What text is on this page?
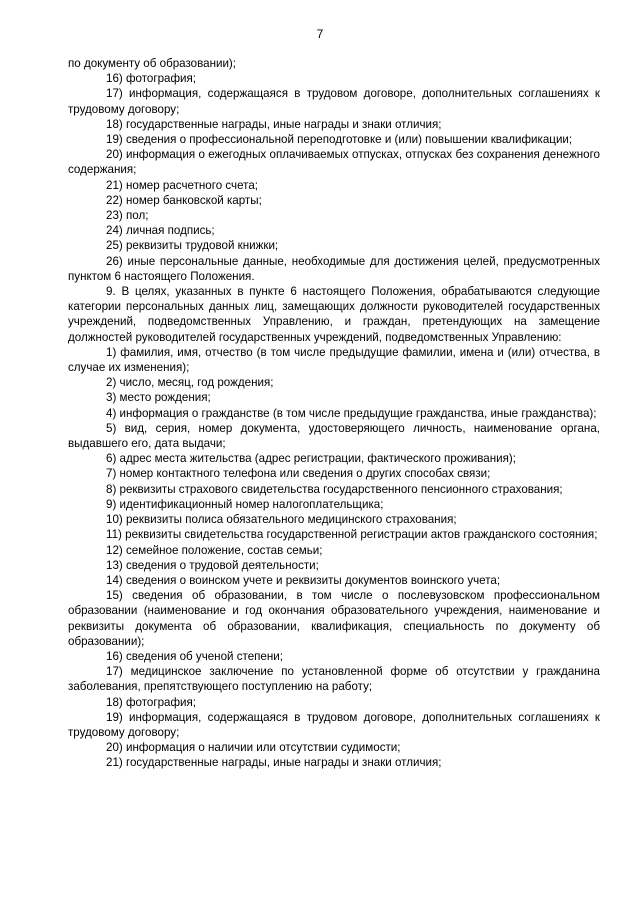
7

по документу об образовании);

16) фотография;

17) информация, содержащаяся в трудовом договоре, дополнительных соглашениях к трудовому договору;

18) государственные награды, иные награды и знаки отличия;

19) сведения о профессиональной переподготовке и (или) повышении квалификации;

20) информация о ежегодных оплачиваемых отпусках, отпусках без сохранения денежного содержания;

21) номер расчетного счета;

22) номер банковской карты;

23) пол;

24) личная подпись;

25) реквизиты трудовой книжки;

26) иные персональные данные, необходимые для достижения целей, предусмотренных пунктом 6 настоящего Положения.

9. В целях, указанных в пункте 6 настоящего Положения, обрабатываются следующие категории персональных данных лиц, замещающих должности руководителей государственных учреждений, подведомственных Управлению, и граждан, претендующих на замещение должностей руководителей государственных учреждений, подведомственных Управлению:

1) фамилия, имя, отчество (в том числе предыдущие фамилии, имена и (или) отчества, в случае их изменения);

2) число, месяц, год рождения;

3) место рождения;

4) информация о гражданстве (в том числе предыдущие гражданства, иные гражданства);

5) вид, серия, номер документа, удостоверяющего личность, наименование органа, выдавшего его, дата выдачи;

6) адрес места жительства (адрес регистрации, фактического проживания);

7) номер контактного телефона или сведения о других способах связи;

8) реквизиты страхового свидетельства государственного пенсионного страхования;

9) идентификационный номер налогоплательщика;

10) реквизиты полиса обязательного медицинского страхования;

11) реквизиты свидетельства государственной регистрации актов гражданского состояния;

12) семейное положение, состав семьи;

13) сведения о трудовой деятельности;

14) сведения о воинском учете и реквизиты документов воинского учета;

15) сведения об образовании, в том числе о послевузовском профессиональном образовании (наименование и год окончания образовательного учреждения, наименование и реквизиты документа об образовании, квалификация, специальность по документу об образовании);

16) сведения об ученой степени;

17) медицинское заключение по установленной форме об отсутствии у гражданина заболевания, препятствующего поступлению на работу;

18) фотография;

19) информация, содержащаяся в трудовом договоре, дополнительных соглашениях к трудовому договору;

20) информация о наличии или отсутствии судимости;

21) государственные награды, иные награды и знаки отличия;
